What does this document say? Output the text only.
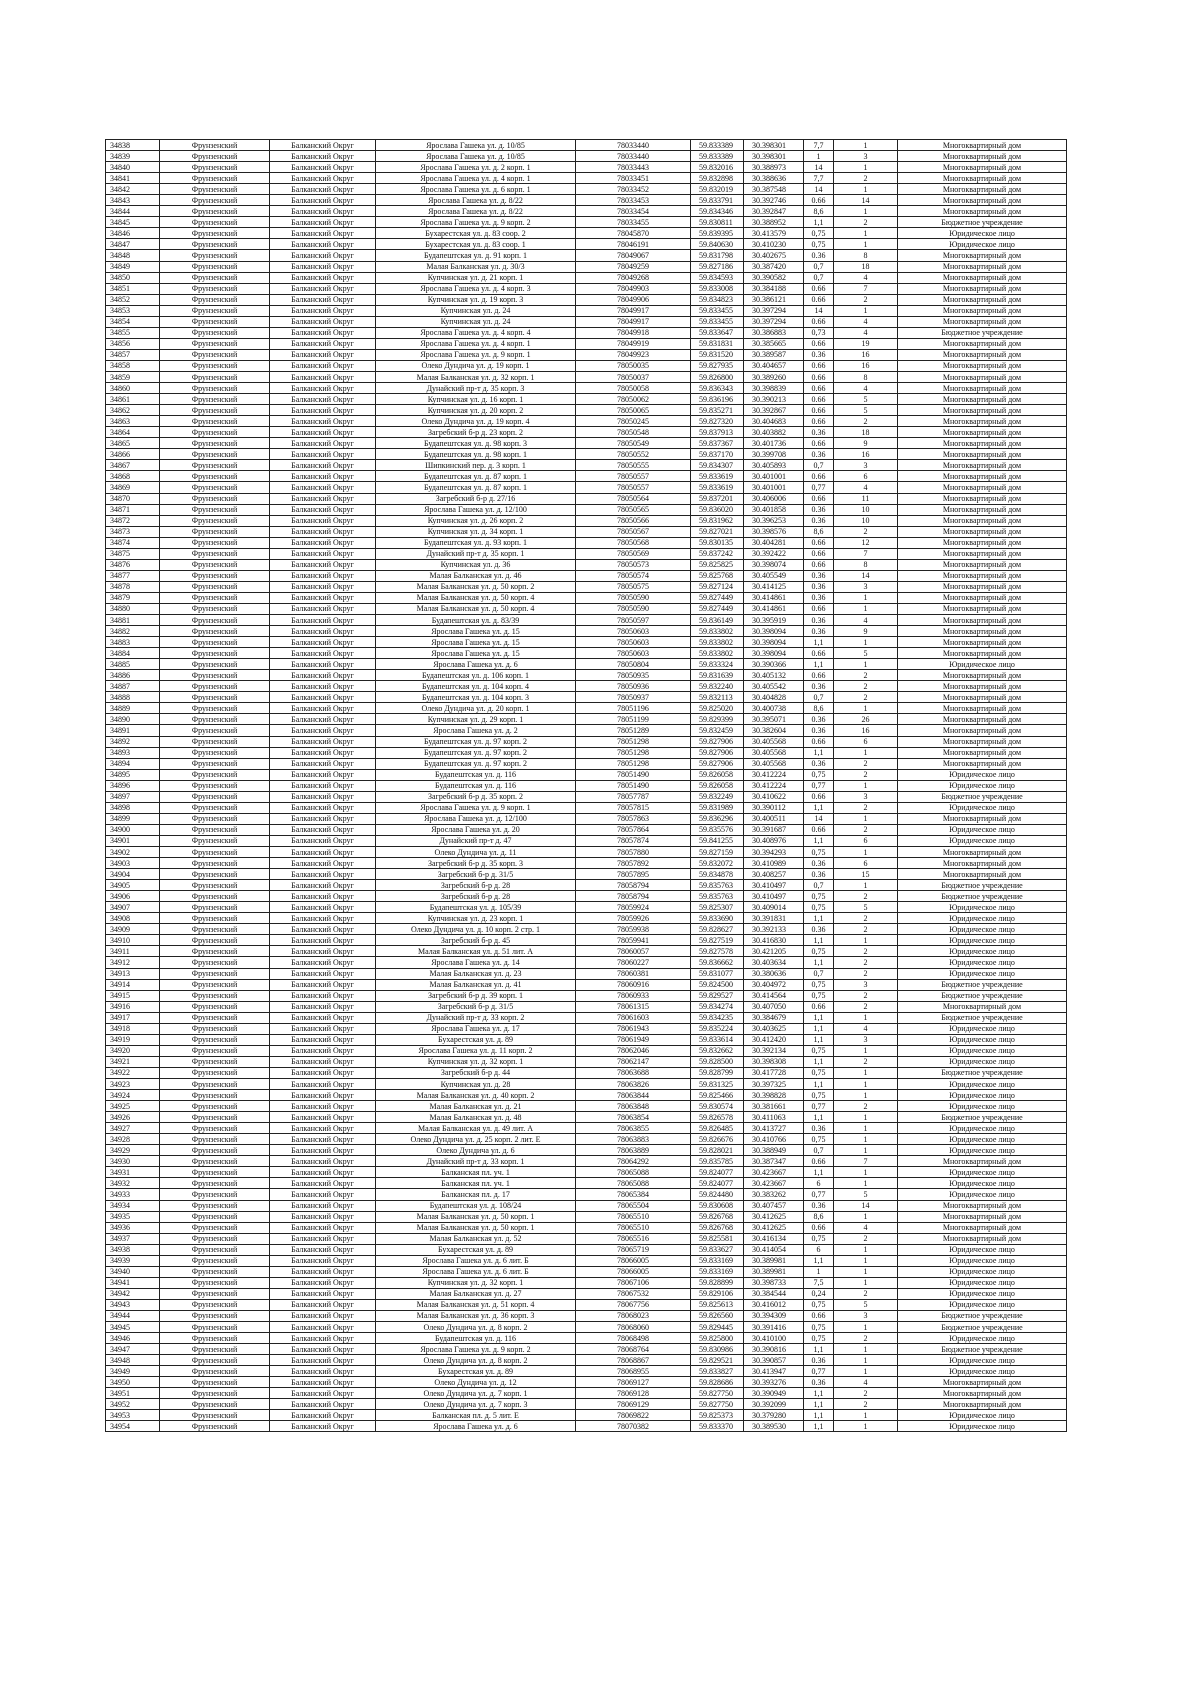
34838	Фрунзенский	Балканский Округ	Ярослава Гашека ул. д. 10/85	78033440	59.833389	30.398301	7,7	1	Многоквартирный дом
34839	Фрунзенский	Балканский Округ	Ярослава Гашека ул. д. 10/85	78033440	59.833389	30.398301	1	3	Многоквартирный дом
34840	Фрунзенский	Балканский Округ	Ярослава Гашека ул. д. 2 корп. 1	78033443	59.832016	30.388973	14	1	Многоквартирный дом
34841	Фрунзенский	Балканский Округ	Ярослава Гашека ул. д. 4 корп. 1	78033451	59.832898	30.388636	7,7	2	Многоквартирный дом
34842	Фрунзенский	Балканский Округ	Ярослава Гашека ул. д. 6 корп. 1	78033452	59.832019	30.387548	14	1	Многоквартирный дом
34843	Фрунзенский	Балканский Округ	Ярослава Гашека ул. д. 8/22	78033453	59.833791	30.392746	0.66	14	Многоквартирный дом
34844	Фрунзенский	Балканский Округ	Ярослава Гашека ул. д. 8/22	78033454	59.834346	30.392847	8,6	1	Многоквартирный дом
34845	Фрунзенский	Балканский Округ	Ярослава Гашека ул. д. 9 корп. 2	78033455	59.830811	30.388952	1,1	2	Бюджетное учреждение
34846	Фрунзенский	Балканский Округ	Бухарестская ул. д. 83 соор. 2	78045870	59.839395	30.413579	0,75	1	Юридическое лицо
34847	Фрунзенский	Балканский Округ	Бухарестская ул. д. 83 соор. 1	78046191	59.840630	30.410230	0,75	1	Юридическое лицо
34848	Фрунзенский	Балканский Округ	Будапештская ул. д. 91 корп. 1	78049067	59.831798	30.402675	0.36	8	Многоквартирный дом
34849	Фрунзенский	Балканский Округ	Малая Балканская ул. д. 30/3	78049259	59.827186	30.387420	0,7	18	Многоквартирный дом
34850	Фрунзенский	Балканский Округ	Купчинская ул. д. 21 корп. 1	78049268	59.834593	30.390582	0,7	4	Многоквартирный дом
34851	Фрунзенский	Балканский Округ	Ярослава Гашека ул. д. 4 корп. 3	78049903	59.833008	30.384188	0.66	7	Многоквартирный дом
34852	Фрунзенский	Балканский Округ	Купчинская ул. д. 19 корп. 3	78049906	59.834823	30.386121	0.66	2	Многоквартирный дом
34853	Фрунзенский	Балканский Округ	Купчинская ул. д. 24	78049917	59.833455	30.397294	14	1	Многоквартирный дом
34854	Фрунзенский	Балканский Округ	Купчинская ул. д. 24	78049917	59.833455	30.397294	0.66	4	Многоквартирный дом
34855	Фрунзенский	Балканский Округ	Ярослава Гашека ул. д. 4 корп. 4	78049918	59.833647	30.386883	0,73	4	Бюджетное учреждение
34856	Фрунзенский	Балканский Округ	Ярослава Гашека ул. д. 4 корп. 1	78049919	59.831831	30.385665	0.66	19	Многоквартирный дом
34857	Фрунзенский	Балканский Округ	Ярослава Гашека ул. д. 9 корп. 1	78049923	59.831520	30.389587	0.36	16	Многоквартирный дом
34858	Фрунзенский	Балканский Округ	Олеко Дундича ул. д. 19 корп. 1	78050035	59.827935	30.404657	0.66	16	Многоквартирный дом
34859	Фрунзенский	Балканский Округ	Малая Балканская ул. д. 32 корп. 1	78050037	59.826800	30.389260	0.66	8	Многоквартирный дом
34860	Фрунзенский	Балканский Округ	Дунайский пр-т д. 35 корп. 3	78050058	59.836343	30.398839	0.66	4	Многоквартирный дом
34861	Фрунзенский	Балканский Округ	Купчинская ул. д. 16 корп. 1	78050062	59.836196	30.390213	0.66	5	Многоквартирный дом
34862	Фрунзенский	Балканский Округ	Купчинская ул. д. 20 корп. 2	78050065	59.835271	30.392867	0.66	5	Многоквартирный дом
34863	Фрунзенский	Балканский Округ	Олеко Дундича ул. д. 19 корп. 4	78050245	59.827320	30.404683	0.66	2	Многоквартирный дом
34864	Фрунзенский	Балканский Округ	Загребский б-р д. 23 корп. 2	78050548	59.837913	30.403882	0.36	18	Многоквартирный дом
34865	Фрунзенский	Балканский Округ	Будапештская ул. д. 98 корп. 3	78050549	59.837367	30.401736	0.66	9	Многоквартирный дом
34866	Фрунзенский	Балканский Округ	Будапештская ул. д. 98 корп. 1	78050552	59.837170	30.399708	0.36	16	Многоквартирный дом
34867	Фрунзенский	Балканский Округ	Шипкинский пер. д. 3 корп. 1	78050555	59.834307	30.405893	0,7	3	Многоквартирный дом
34868	Фрунзенский	Балканский Округ	Будапештская ул. д. 87 корп. 1	78050557	59.833619	30.401001	0.66	6	Многоквартирный дом
34869	Фрунзенский	Балканский Округ	Будапештская ул. д. 87 корп. 1	78050557	59.833619	30.401001	0,77	4	Многоквартирный дом
34870	Фрунзенский	Балканский Округ	Загребский б-р д. 27/16	78050564	59.837201	30.406006	0.66	11	Многоквартирный дом
34871	Фрунзенский	Балканский Округ	Ярослава Гашека ул. д. 12/100	78050565	59.836020	30.401858	0.36	10	Многоквартирный дом
34872	Фрунзенский	Балканский Округ	Купчинская ул. д. 26 корп. 2	78050566	59.831962	30.396253	0.36	10	Многоквартирный дом
34873	Фрунзенский	Балканский Округ	Купчинская ул. д. 34 корп. 1	78050567	59.827021	30.398576	8,6	2	Многоквартирный дом
34874	Фрунзенский	Балканский Округ	Будапештская ул. д. 93 корп. 1	78050568	59.830135	30.404281	0.66	12	Многоквартирный дом
34875	Фрунзенский	Балканский Округ	Дунайский пр-т д. 35 корп. 1	78050569	59.837242	30.392422	0.66	7	Многоквартирный дом
34876	Фрунзенский	Балканский Округ	Купчинская ул. д. 36	78050573	59.825825	30.398074	0.66	8	Многоквартирный дом
34877	Фрунзенский	Балканский Округ	Малая Балканская ул. д. 46	78050574	59.825768	30.405549	0.36	14	Многоквартирный дом
34878	Фрунзенский	Балканский Округ	Малая Балканская ул. д. 50 корп. 2	78050575	59.827124	30.414125	0.36	3	Многоквартирный дом
34879	Фрунзенский	Балканский Округ	Малая Балканская ул. д. 50 корп. 4	78050590	59.827449	30.414861	0.36	1	Многоквартирный дом
34880	Фрунзенский	Балканский Округ	Малая Балканская ул. д. 50 корп. 4	78050590	59.827449	30.414861	0.66	1	Многоквартирный дом
34881	Фрунзенский	Балканский Округ	Будапештская ул. д. 83/39	78050597	59.836149	30.395919	0.36	4	Многоквартирный дом
34882	Фрунзенский	Балканский Округ	Ярослава Гашека ул. д. 15	78050603	59.833802	30.398094	0.36	9	Многоквартирный дом
34883	Фрунзенский	Балканский Округ	Ярослава Гашека ул. д. 15	78050603	59.833802	30.398094	1,1	1	Многоквартирный дом
34884	Фрунзенский	Балканский Округ	Ярослава Гашека ул. д. 15	78050603	59.833802	30.398094	0.66	5	Многоквартирный дом
34885	Фрунзенский	Балканский Округ	Ярослава Гашека ул. д. 6	78050804	59.833324	30.390366	1,1	1	Юридическое лицо
34886	Фрунзенский	Балканский Округ	Будапештская ул. д. 106 корп. 1	78050935	59.831639	30.405132	0.66	2	Многоквартирный дом
34887	Фрунзенский	Балканский Округ	Будапештская ул. д. 104 корп. 4	78050936	59.832240	30.405542	0.36	2	Многоквартирный дом
34888	Фрунзенский	Балканский Округ	Будапештская ул. д. 104 корп. 3	78050937	59.832113	30.404828	0,7	2	Многоквартирный дом
34889	Фрунзенский	Балканский Округ	Олеко Дундича ул. д. 20 корп. 1	78051196	59.825020	30.400738	8,6	1	Многоквартирный дом
34890	Фрунзенский	Балканский Округ	Купчинская ул. д. 29 корп. 1	78051199	59.829399	30.395071	0.36	26	Многоквартирный дом
34891	Фрунзенский	Балканский Округ	Ярослава Гашека ул. д. 2	78051289	59.832459	30.382604	0.36	16	Многоквартирный дом
34892	Фрунзенский	Балканский Округ	Будапештская ул. д. 97 корп. 2	78051298	59.827906	30.405568	0.66	6	Многоквартирный дом
34893	Фрунзенский	Балканский Округ	Будапештская ул. д. 97 корп. 2	78051298	59.827906	30.405568	1,1	1	Многоквартирный дом
34894	Фрунзенский	Балканский Округ	Будапештская ул. д. 97 корп. 2	78051298	59.827906	30.405568	0.36	2	Многоквартирный дом
34895	Фрунзенский	Балканский Округ	Будапештская ул. д. 116	78051490	59.826058	30.412224	0,75	2	Юридическое лицо
34896	Фрунзенский	Балканский Округ	Будапештская ул. д. 116	78051490	59.826058	30.412224	0,77	1	Юридическое лицо
34897	Фрунзенский	Балканский Округ	Загребский б-р д. 35 корп. 2	78057787	59.832249	30.410622	0.66	3	Бюджетное учреждение
34898	Фрунзенский	Балканский Округ	Ярослава Гашека ул. д. 9 корп. 1	78057815	59.831989	30.390112	1,1	2	Юридическое лицо
34899	Фрунзенский	Балканский Округ	Ярослава Гашека ул. д. 12/100	78057863	59.836296	30.400511	14	1	Многоквартирный дом
34900	Фрунзенский	Балканский Округ	Ярослава Гашека ул. д. 20	78057864	59.835576	30.391687	0.66	2	Юридическое лицо
34901	Фрунзенский	Балканский Округ	Дунайский пр-т д. 47	78057874	59.841255	30.408976	1,1	6	Юридическое лицо
34902	Фрунзенский	Балканский Округ	Олеко Дундича ул. д. 11	78057880	59.827159	30.394293	0,75	1	Многоквартирный дом
34903	Фрунзенский	Балканский Округ	Загребский б-р д. 35 корп. 3	78057892	59.832072	30.410989	0.36	6	Многоквартирный дом
34904	Фрунзенский	Балканский Округ	Загребский б-р д. 31/5	78057895	59.834878	30.408257	0.36	15	Многоквартирный дом
34905	Фрунзенский	Балканский Округ	Загребский б-р д. 28	78058794	59.835763	30.410497	0,7	1	Бюджетное учреждение
34906	Фрунзенский	Балканский Округ	Загребский б-р д. 28	78058794	59.835763	30.410497	0,75	2	Бюджетное учреждение
34907	Фрунзенский	Балканский Округ	Будапештская ул. д. 105/39	78059924	59.825307	30.409014	0,75	5	Юридическое лицо
34908	Фрунзенский	Балканский Округ	Купчинская ул. д. 23 корп. 1	78059926	59.833690	30.391831	1,1	2	Юридическое лицо
34909	Фрунзенский	Балканский Округ	Олеко Дундича ул. д. 10 корп. 2 стр. 1	78059938	59.828627	30.392133	0.36	2	Юридическое лицо
34910	Фрунзенский	Балканский Округ	Загребский б-р д. 45	78059941	59.827519	30.416830	1,1	1	Юридическое лицо
34911	Фрунзенский	Балканский Округ	Малая Балканская ул. д. 51 лит. А	78060057	59.827578	30.421205	0,75	2	Юридическое лицо
34912	Фрунзенский	Балканский Округ	Ярослава Гашека ул. д. 14	78060227	59.836662	30.403634	1,1	2	Юридическое лицо
34913	Фрунзенский	Балканский Округ	Малая Балканская ул. д. 23	78060381	59.831077	30.380636	0,7	2	Юридическое лицо
34914	Фрунзенский	Балканский Округ	Малая Балканская ул. д. 41	78060916	59.824500	30.404972	0,75	3	Бюджетное учреждение
34915	Фрунзенский	Балканский Округ	Загребский б-р д. 39 корп. 1	78060933	59.829527	30.414564	0,75	2	Бюджетное учреждение
34916	Фрунзенский	Балканский Округ	Загребский б-р д. 31/5	78061315	59.834274	30.407050	0.66	2	Многоквартирный дом
34917	Фрунзенский	Балканский Округ	Дунайский пр-т д. 33 корп. 2	78061603	59.834235	30.384679	1,1	1	Бюджетное учреждение
34918	Фрунзенский	Балканский Округ	Ярослава Гашека ул. д. 17	78061943	59.835224	30.403625	1,1	4	Юридическое лицо
34919	Фрунзенский	Балканский Округ	Бухарестская ул. д. 89	78061949	59.833614	30.412420	1,1	3	Юридическое лицо
34920	Фрунзенский	Балканский Округ	Ярослава Гашека ул. д. 11 корп. 2	78062046	59.832662	30.392134	0,75	1	Юридическое лицо
34921	Фрунзенский	Балканский Округ	Купчинская ул. д. 32 корп. 1	78062147	59.828500	30.398308	1,1	2	Юридическое лицо
34922	Фрунзенский	Балканский Округ	Загребский б-р д. 44	78063688	59.828799	30.417728	0,75	1	Бюджетное учреждение
34923	Фрунзенский	Балканский Округ	Купчинская ул. д. 28	78063826	59.831325	30.397325	1,1	1	Юридическое лицо
34924	Фрунзенский	Балканский Округ	Малая Балканская ул. д. 40 корп. 2	78063844	59.825466	30.398828	0,75	1	Юридическое лицо
34925	Фрунзенский	Балканский Округ	Малая Балканская ул. д. 21	78063848	59.830574	30.381661	0,77	2	Юридическое лицо
34926	Фрунзенский	Балканский Округ	Малая Балканская ул. д. 48	78063854	59.826578	30.411063	1,1	1	Бюджетное учреждение
34927	Фрунзенский	Балканский Округ	Малая Балканская ул. д. 49 лит. А	78063855	59.826485	30.413727	0.36	1	Юридическое лицо
34928	Фрунзенский	Балканский Округ	Олеко Дундича ул. д. 25 корп. 2 лит. Е	78063883	59.826676	30.410766	0,75	1	Юридическое лицо
34929	Фрунзенский	Балканский Округ	Олеко Дундича ул. д. 6	78063889	59.828021	30.388949	0,7	1	Юридическое лицо
34930	Фрунзенский	Балканский Округ	Дунайский пр-т д. 33 корп. 1	78064292	59.835785	30.387347	0.66	7	Многоквартирный дом
34931	Фрунзенский	Балканский Округ	Балканская пл. уч. 1	78065088	59.824077	30.423667	1,1	1	Юридическое лицо
34932	Фрунзенский	Балканский Округ	Балканская пл. уч. 1	78065088	59.824077	30.423667	6	1	Юридическое лицо
34933	Фрунзенский	Балканский Округ	Балканская пл. д. 17	78065384	59.824480	30.383262	0,77	5	Юридическое лицо
34934	Фрунзенский	Балканский Округ	Будапештская ул. д. 108/24	78065504	59.830608	30.407457	0.36	14	Многоквартирный дом
34935	Фрунзенский	Балканский Округ	Малая Балканская ул. д. 50 корп. 1	78065510	59.826768	30.412625	8,6	1	Многоквартирный дом
34936	Фрунзенский	Балканский Округ	Малая Балканская ул. д. 50 корп. 1	78065510	59.826768	30.412625	0.66	4	Многоквартирный дом
34937	Фрунзенский	Балканский Округ	Малая Балканская ул. д. 52	78065516	59.825581	30.416134	0,75	2	Многоквартирный дом
34938	Фрунзенский	Балканский Округ	Бухарестская ул. д. 89	78065719	59.833627	30.414054	6	1	Юридическое лицо
34939	Фрунзенский	Балканский Округ	Ярослава Гашека ул. д. 6 лит. Б	78066005	59.833169	30.389981	1,1	1	Юридическое лицо
34940	Фрунзенский	Балканский Округ	Ярослава Гашека ул. д. 6 лит. Б	78066005	59.833169	30.389981	1	1	Юридическое лицо
34941	Фрунзенский	Балканский Округ	Купчинская ул. д. 32 корп. 1	78067106	59.828899	30.398733	7,5	1	Юридическое лицо
34942	Фрунзенский	Балканский Округ	Малая Балканская ул. д. 27	78067532	59.829106	30.384544	0,24	2	Юридическое лицо
34943	Фрунзенский	Балканский Округ	Малая Балканская ул. д. 51 корп. 4	78067756	59.825613	30.416012	0,75	5	Юридическое лицо
34944	Фрунзенский	Балканский Округ	Малая Балканская ул. д. 36 корп. 3	78068023	59.826560	30.394309	0.66	3	Бюджетное учреждение
34945	Фрунзенский	Балканский Округ	Олеко Дундича ул. д. 8 корп. 2	78068060	59.829445	30.391416	0,75	1	Бюджетное учреждение
34946	Фрунзенский	Балканский Округ	Будапештская ул. д. 116	78068498	59.825800	30.410100	0,75	2	Юридическое лицо
34947	Фрунзенский	Балканский Округ	Ярослава Гашека ул. д. 9 корп. 2	78068764	59.830986	30.390816	1,1	1	Бюджетное учреждение
34948	Фрунзенский	Балканский Округ	Олеко Дундича ул. д. 8 корп. 2	78068867	59.829521	30.390857	0.36	1	Юридическое лицо
34949	Фрунзенский	Балканский Округ	Бухарестская ул. д. 89	78068955	59.833827	30.413947	0,77	1	Юридическое лицо
34950	Фрунзенский	Балканский Округ	Олеко Дундича ул. д. 12	78069127	59.828686	30.393276	0.36	4	Многоквартирный дом
34951	Фрунзенский	Балканский Округ	Олеко Дундича ул. д. 7 корп. 1	78069128	59.827750	30.390949	1,1	2	Многоквартирный дом
34952	Фрунзенский	Балканский Округ	Олеко Дундича ул. д. 7 корп. 3	78069129	59.827750	30.392099	1,1	2	Многоквартирный дом
34953	Фрунзенский	Балканский Округ	Балканская пл. д. 5 лит. Е	78069822	59.825373	30.379280	1,1	1	Юридическое лицо
34954	Фрунзенский	Балканский Округ	Ярослава Гашека ул. д. 6	78070382	59.833370	30.389530	1,1	1	Юридическое лицо
